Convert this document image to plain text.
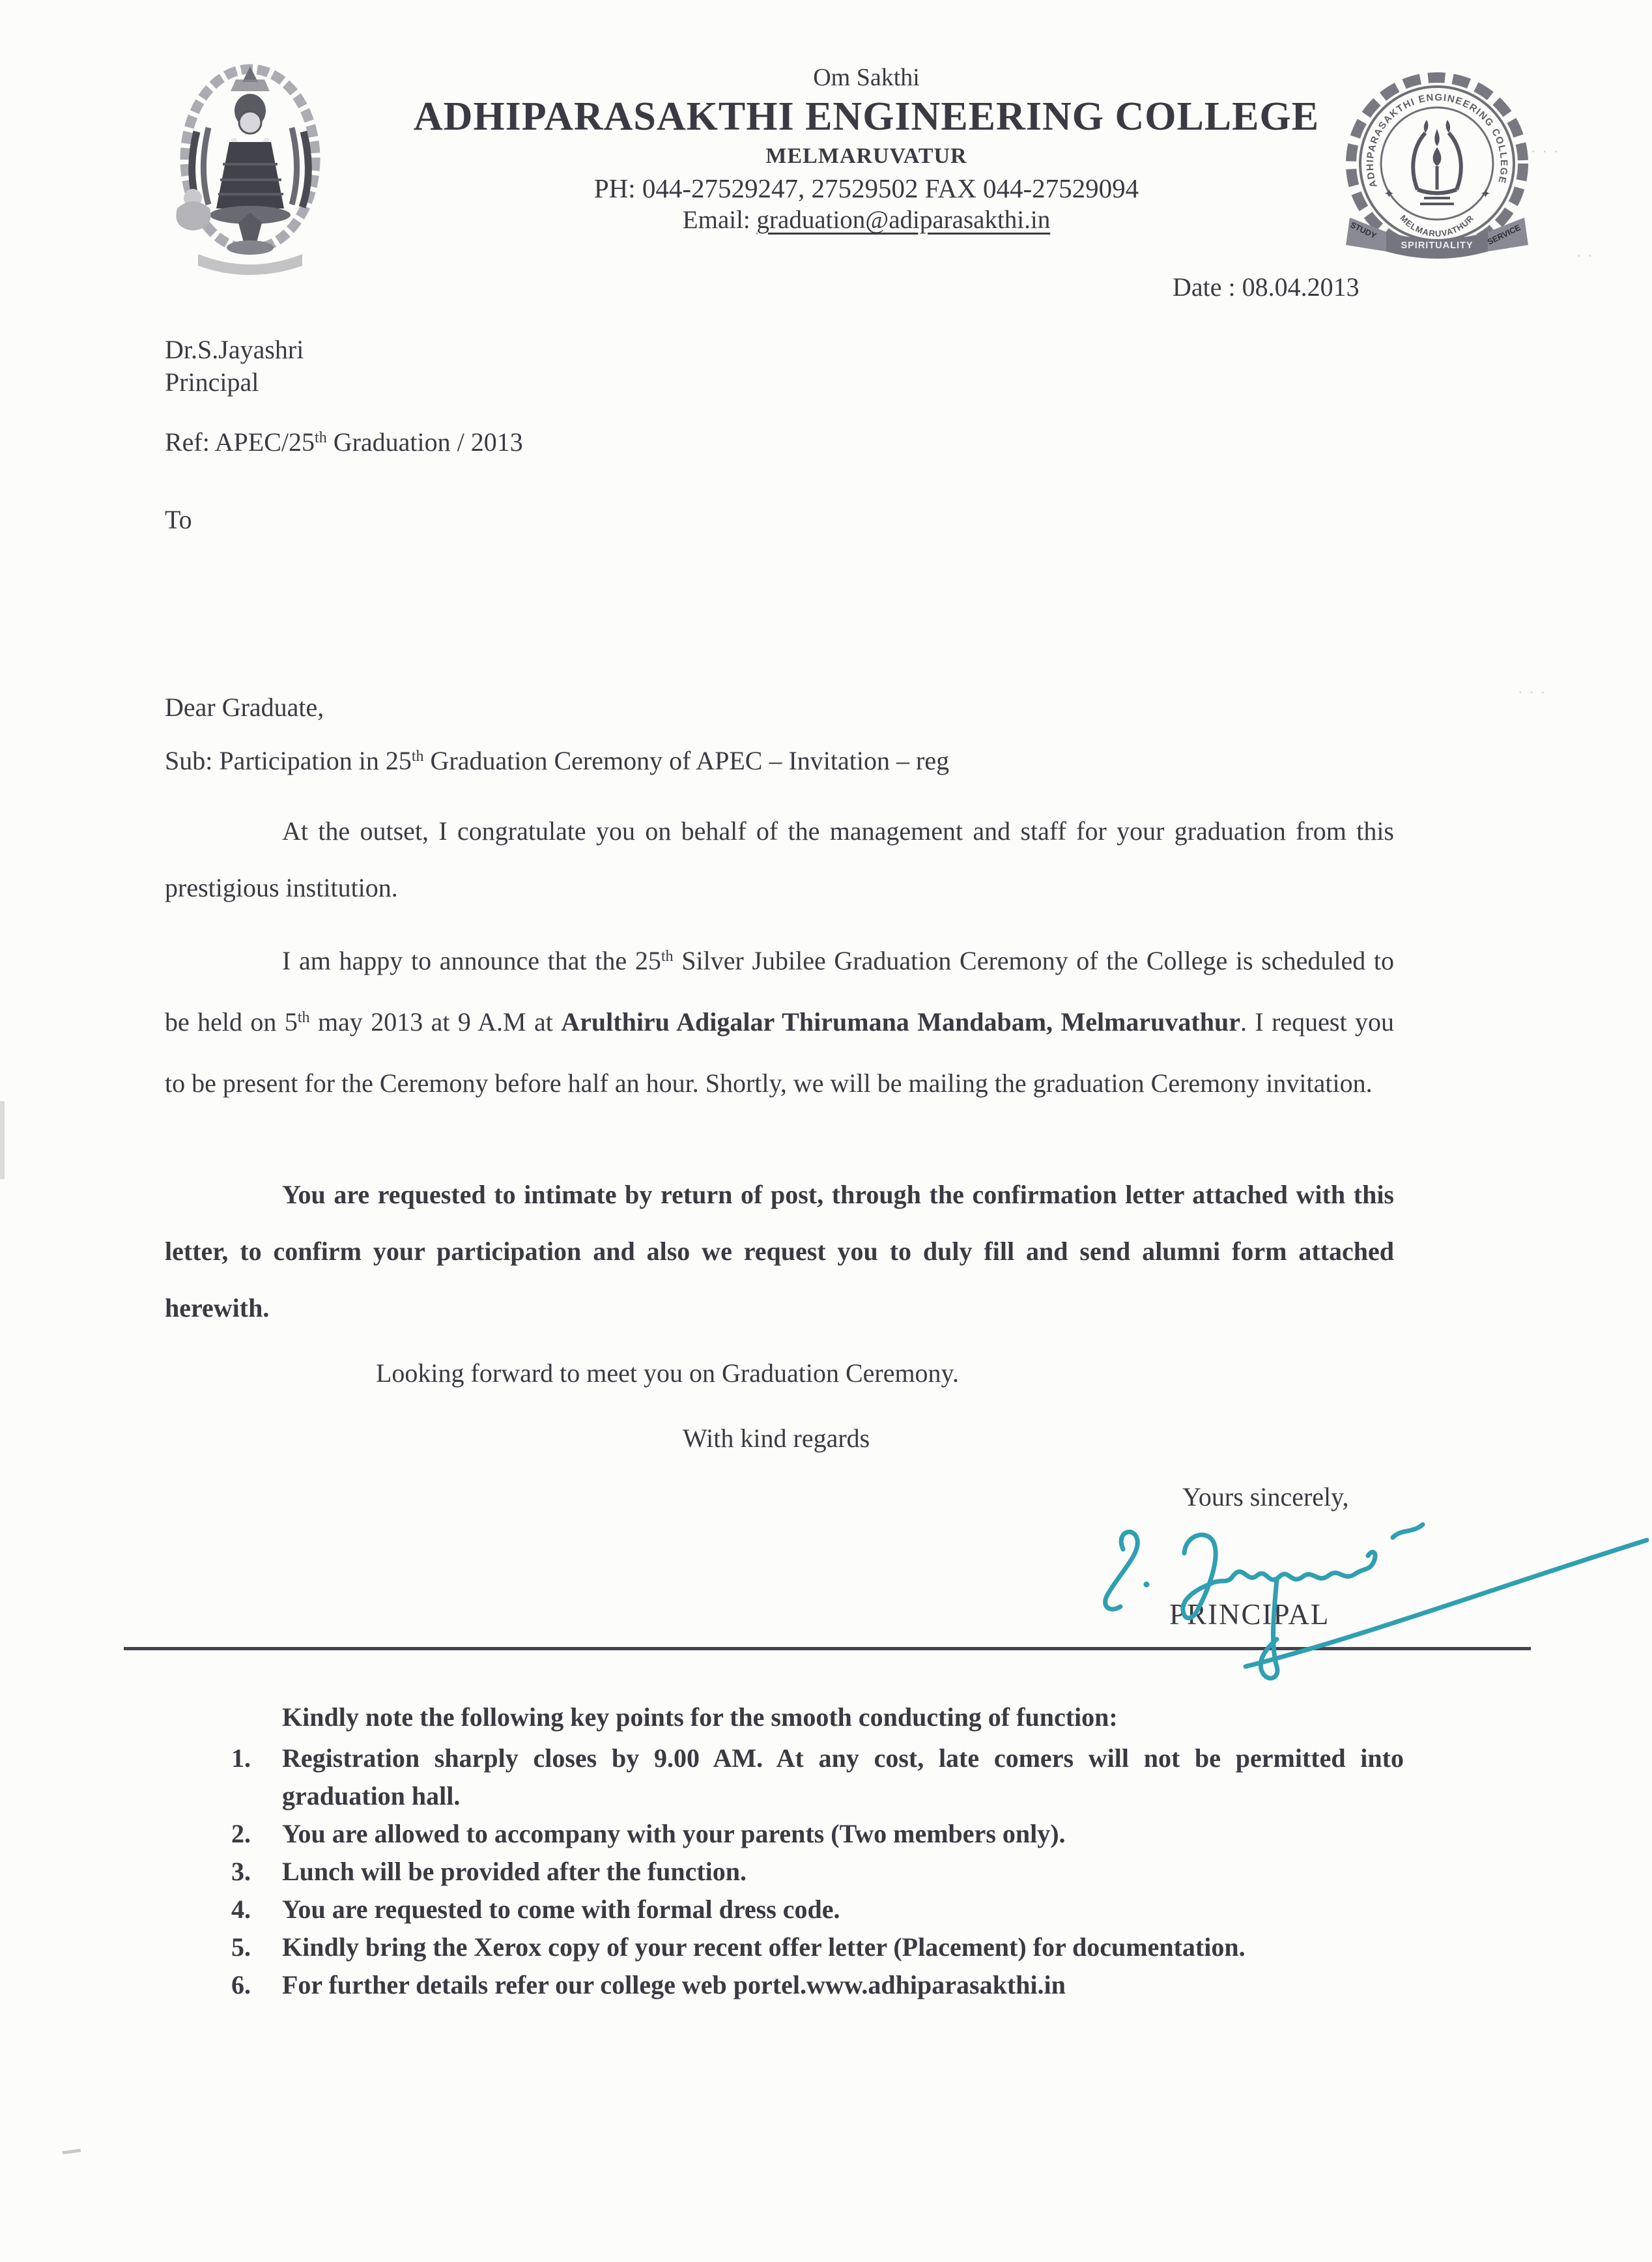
Om Sakthi
ADHIPARASAKTHI ENGINEERING COLLEGE
MELMARUVATUR
PH: 044-27529247, 27529502 FAX 044-27529094
Email: graduation@adiparasakthi.in
ADHIPARASAKTHI ENGINEERING COLLEGE
✦	✦
MELMARUVATHUR
STUDY
SPIRITUALITY SERVICE
Date : 08.04.2013
Dr.S.Jayashri
Principal
Ref: APEC/25th Graduation / 2013
To
Dear Graduate,
Sub: Participation in 25th Graduation Ceremony of APEC – Invitation – reg
At the outset, I congratulate you on behalf of the management and staff for your graduation from this prestigious institution.
I am happy to announce that the 25th Silver Jubilee Graduation Ceremony of the College is scheduled to be held on 5th may 2013 at 9 A.M at Arulthiru Adigalar Thirumana Mandabam, Melmaruvathur. I request you to be present for the Ceremony before half an hour. Shortly, we will be mailing the graduation Ceremony invitation.
You are requested to intimate by return of post, through the confirmation letter attached with this letter, to confirm your participation and also we request you to duly fill and send alumni form attached herewith.
Looking forward to meet you on Graduation Ceremony.
With kind regards
Yours sincerely,
PRINCIPAL
Kindly note the following key points for the smooth conducting of function:
1.	Registration sharply closes by 9.00 AM. At any cost, late comers will not be permitted into graduation hall.
2.	You are allowed to accompany with your parents (Two members only).
3.	Lunch will be provided after the function.
4.	You are requested to come with formal dress code.
5.	Kindly bring the Xerox copy of your recent offer letter (Placement) for documentation.
6.	For further details refer our college web portel.www.adhiparasakthi.in
···
··
···
